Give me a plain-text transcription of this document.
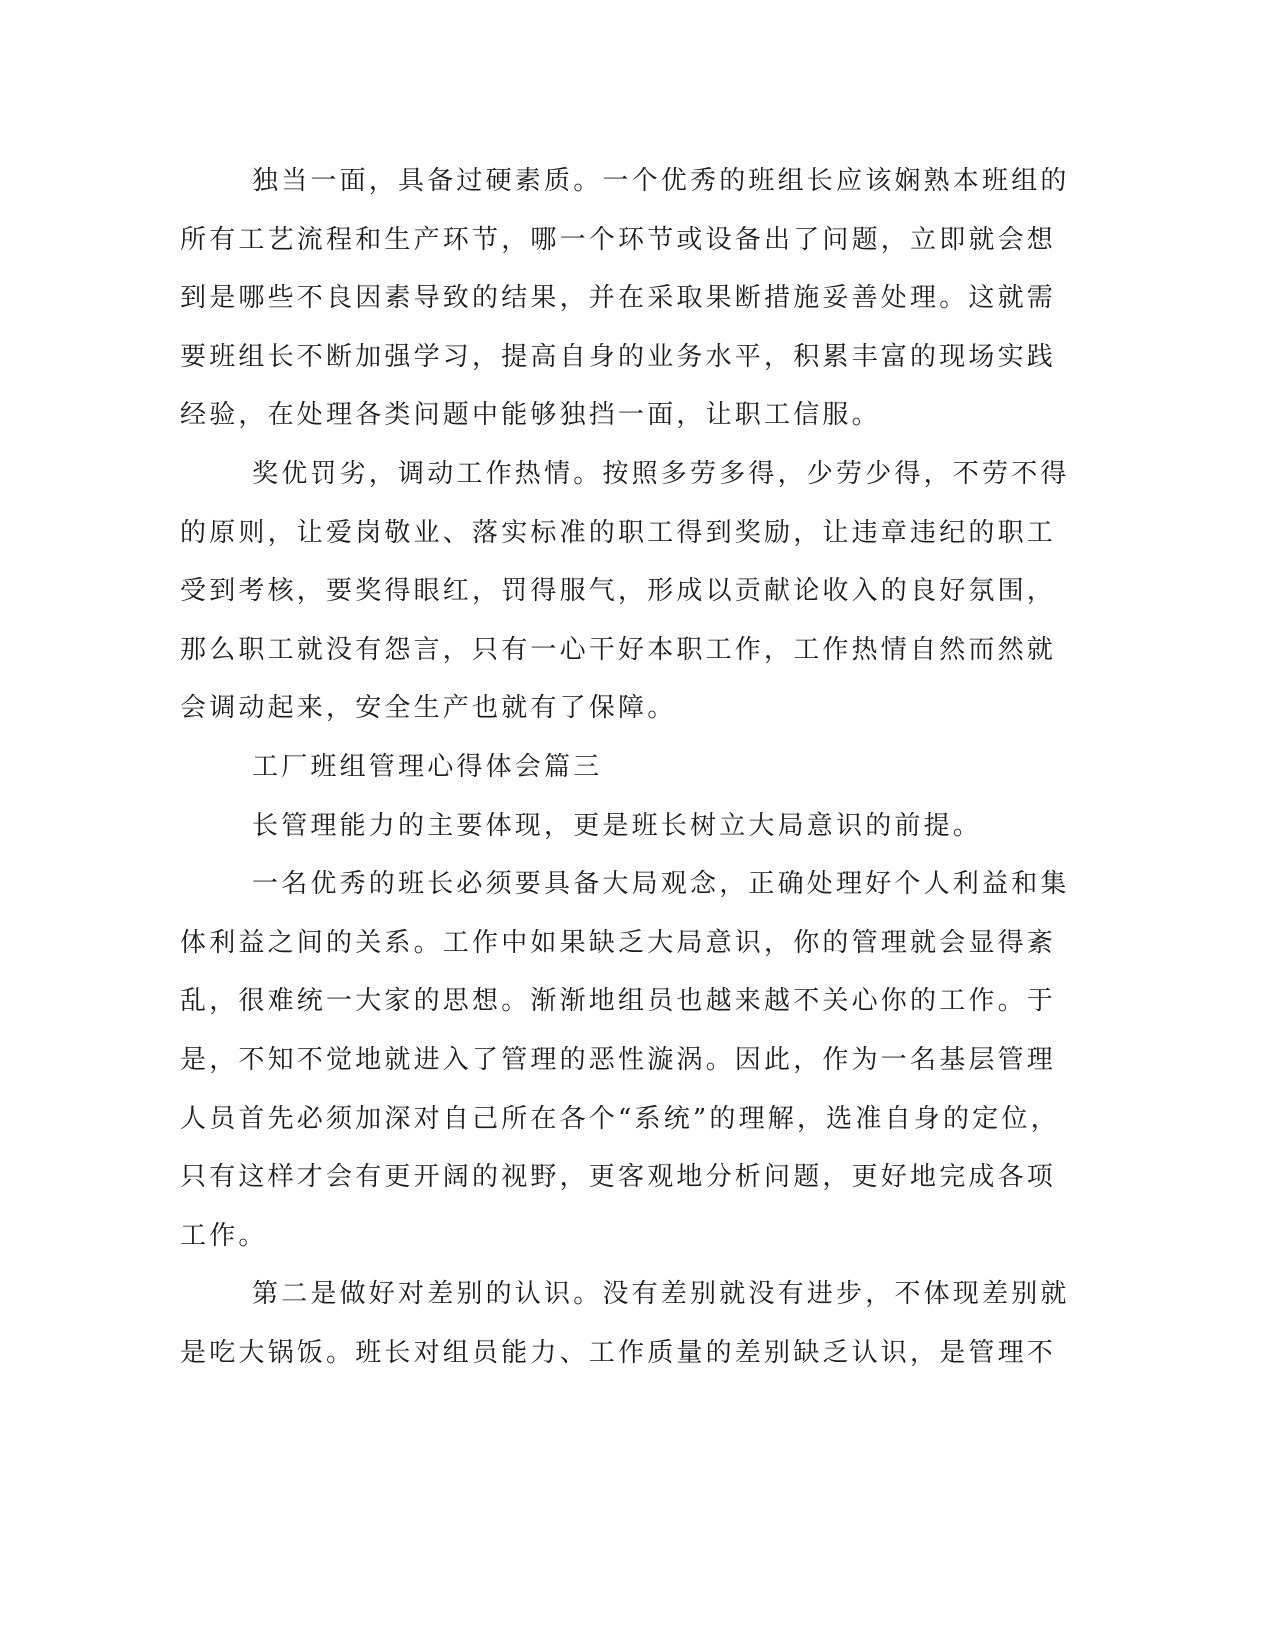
独当一面，具备过硬素质。一个优秀的班组长应该娴熟本班组的
所有工艺流程和生产环节，哪一个环节或设备出了问题，立即就会想
到是哪些不良因素导致的结果，并在采取果断措施妥善处理。这就需
要班组长不断加强学习，提高自身的业务水平，积累丰富的现场实践
经验，在处理各类问题中能够独挡一面，让职工信服。
奖优罚劣，调动工作热情。按照多劳多得，少劳少得，不劳不得
的原则，让爱岗敬业、落实标准的职工得到奖励，让违章违纪的职工
受到考核，要奖得眼红，罚得服气，形成以贡献论收入的良好氛围，
那么职工就没有怨言，只有一心干好本职工作，工作热情自然而然就
会调动起来，安全生产也就有了保障。
工厂班组管理心得体会篇三
长管理能力的主要体现，更是班长树立大局意识的前提。
一名优秀的班长必须要具备大局观念，正确处理好个人利益和集
体利益之间的关系。工作中如果缺乏大局意识，你的管理就会显得紊
乱，很难统一大家的思想。渐渐地组员也越来越不关心你的工作。于
是，不知不觉地就进入了管理的恶性漩涡。因此，作为一名基层管理
人员首先必须加深对自己所在各个“系统”的理解，选准自身的定位，
只有这样才会有更开阔的视野，更客观地分析问题，更好地完成各项
工作。
第二是做好对差别的认识。没有差别就没有进步，不体现差别就
是吃大锅饭。班长对组员能力、工作质量的差别缺乏认识，是管理不
